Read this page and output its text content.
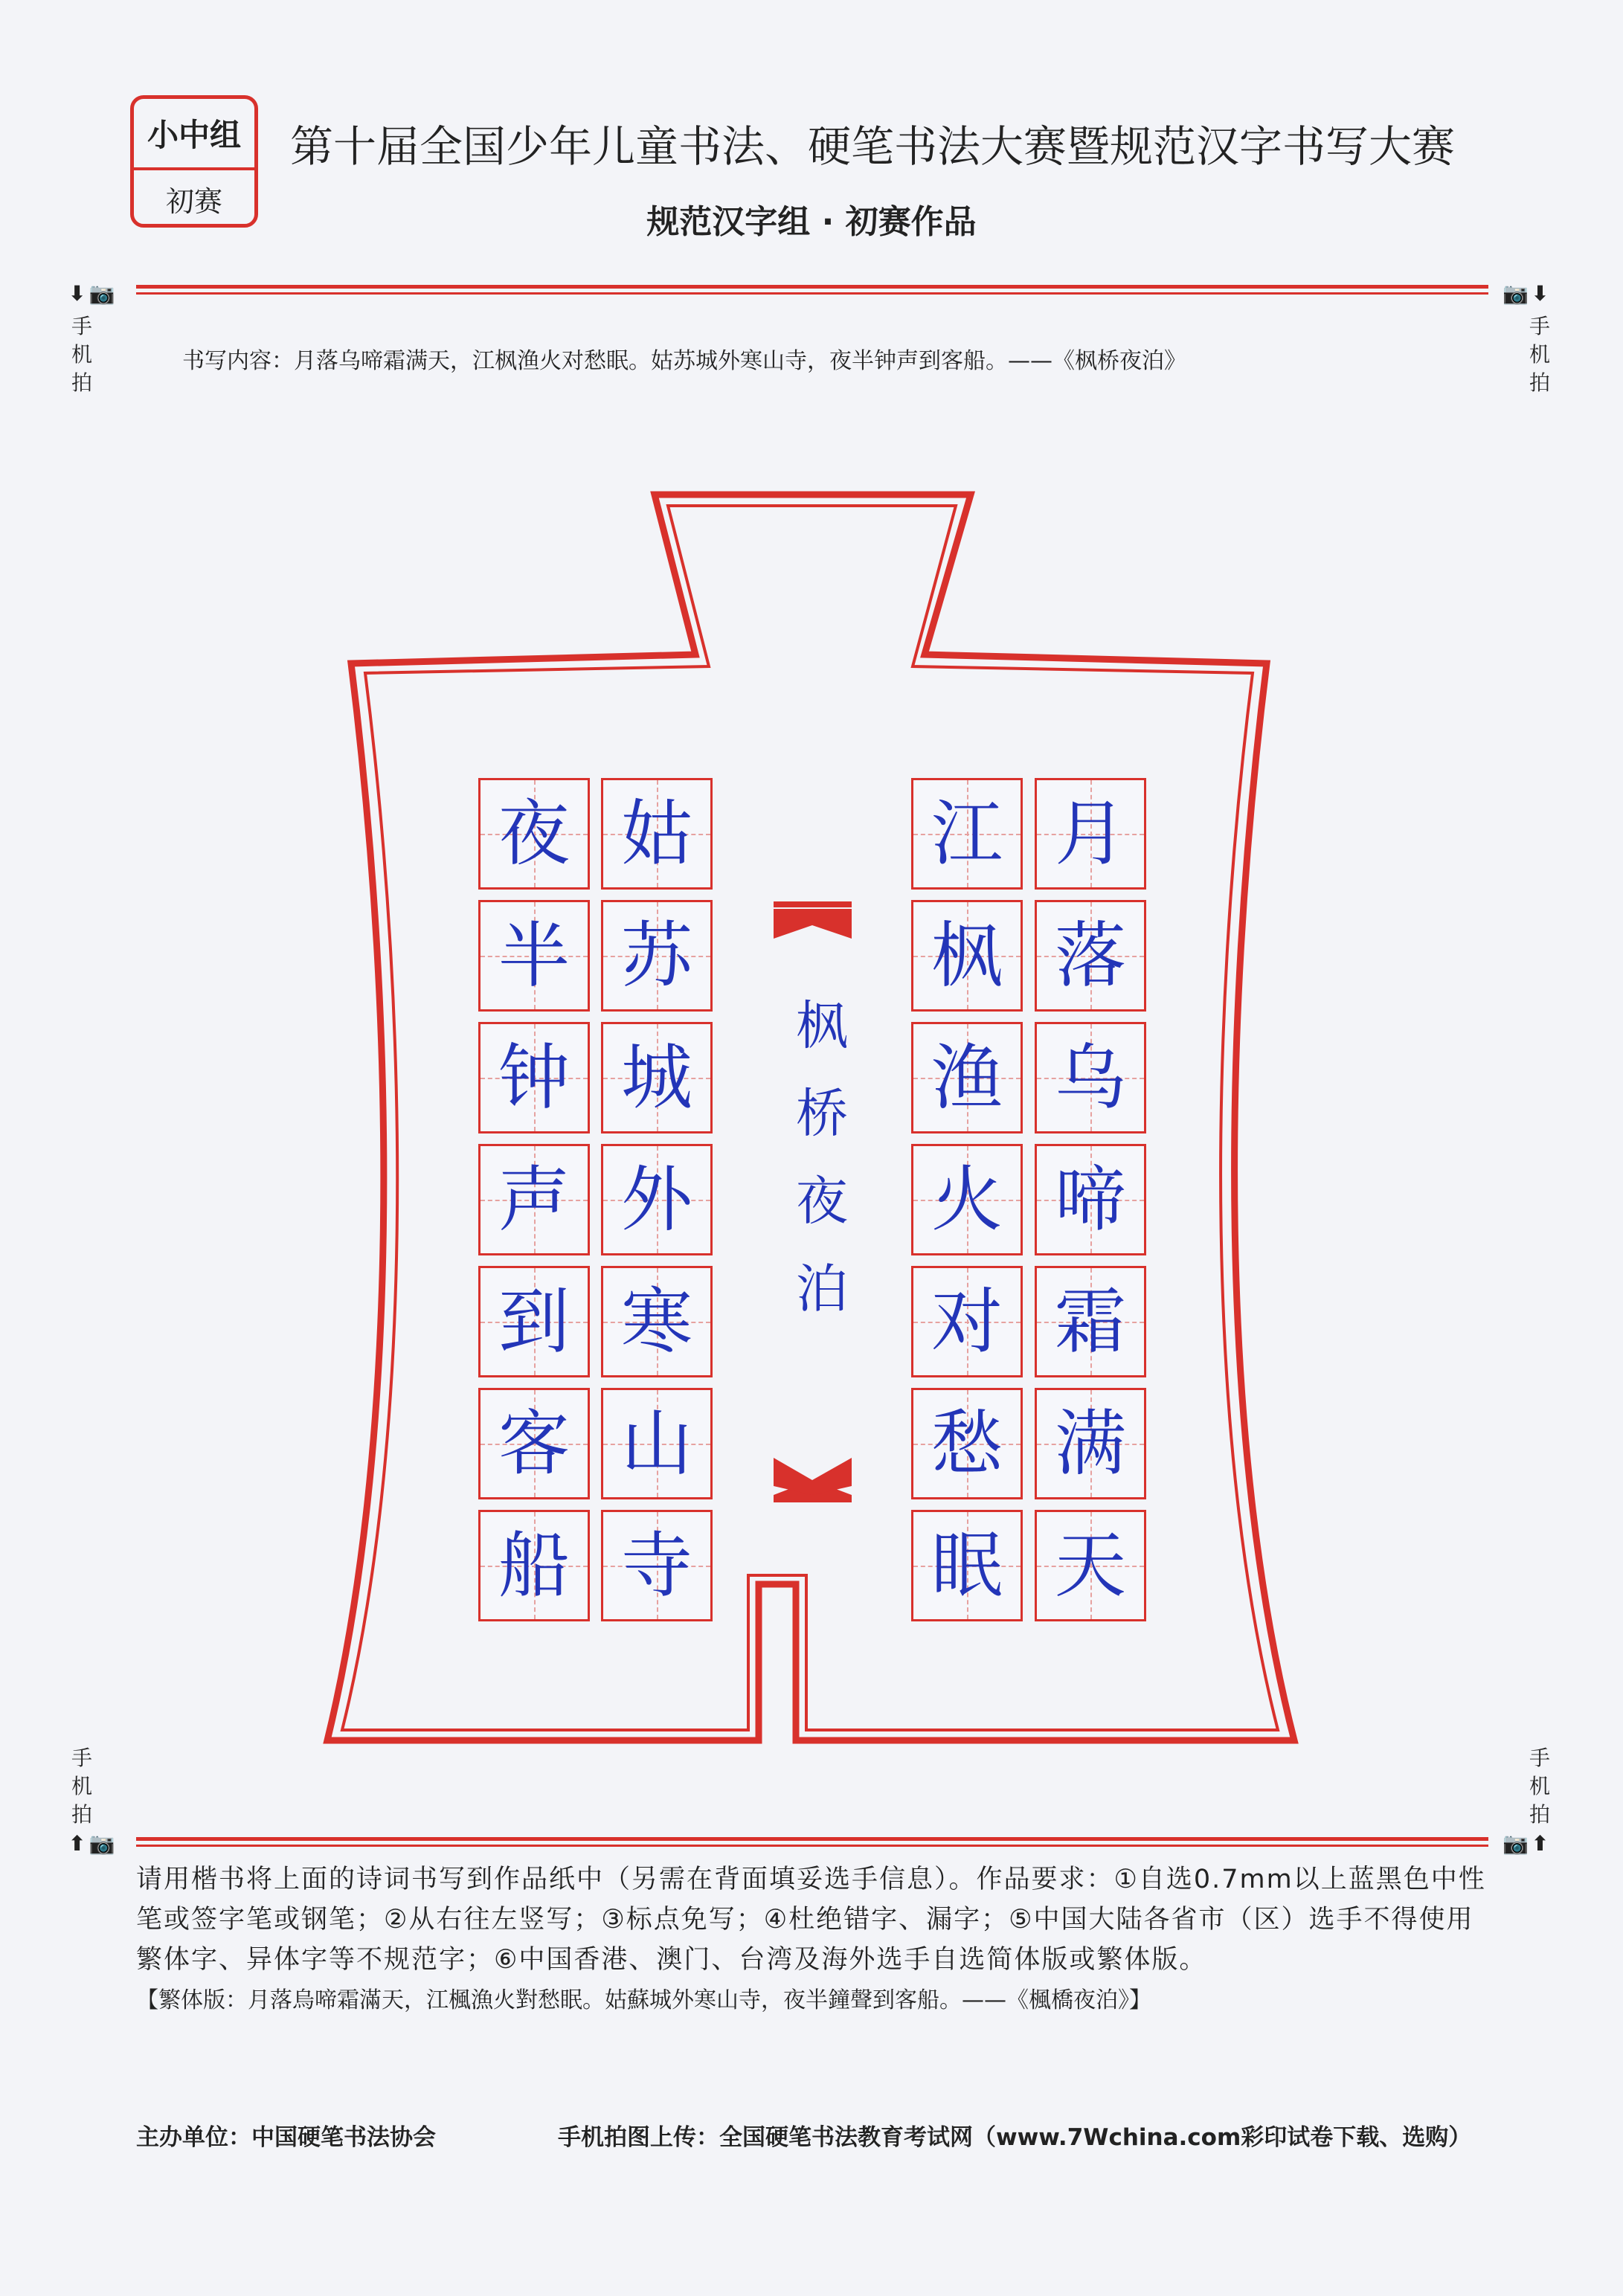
小中组
初赛
第十届全国少年儿童书法、硬笔书法大赛暨规范汉字书写大赛
规范汉字组 · 初赛作品
⬇ 📷
手
机
拍
📷 ⬇
手
机
拍
书写内容：月落乌啼霜满天，江枫渔火对愁眠。姑苏城外寒山寺，夜半钟声到客船。——《枫桥夜泊》
月
落
乌
啼
霜
满
天
江
枫
渔
火
对
愁
眠
姑
苏
城
外
寒
山
寺
夜
半
钟
声
到
客
船
枫
桥
夜
泊
手
机
拍
⬆ 📷
手
机
拍
📷 ⬆
请用楷书将上面的诗词书写到作品纸中（另需在背面填妥选手信息）。作品要求：①自选0.7mm以上蓝黑色中性笔或签字笔或钢笔；②从右往左竖写；③标点免写；④杜绝错字、漏字；⑤中国大陆各省市（区）选手不得使用繁体字、异体字等不规范字；⑥中国香港、澳门、台湾及海外选手自选简体版或繁体版。
【繁体版：月落烏啼霜滿天，江楓漁火對愁眠。姑蘇城外寒山寺，夜半鐘聲到客船。——《楓橋夜泊》】
主办单位：中国硬笔书法协会	手机拍图上传：全国硬笔书法教育考试网（www.7Wchina.com彩印试卷下载、选购）
